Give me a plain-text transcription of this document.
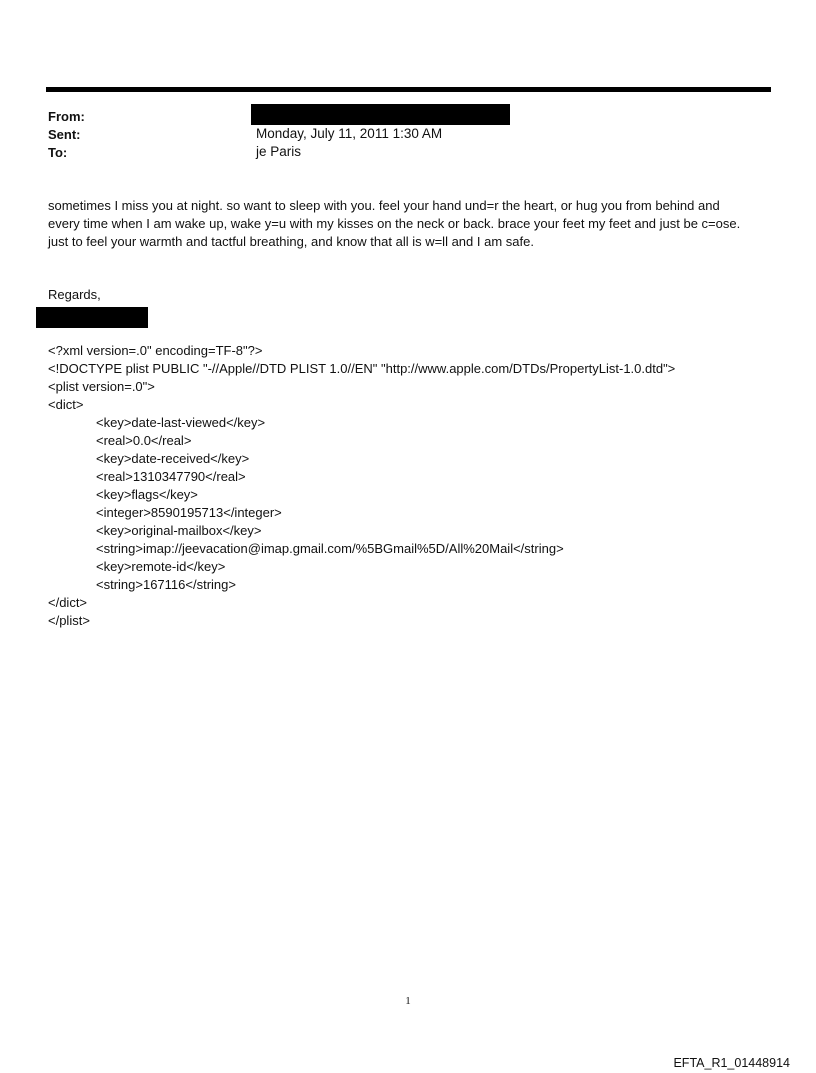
From:
Sent:	Monday, July 11, 2011 1:30 AM
To:	je Paris
sometimes I miss you at night. so want to sleep with you. feel your hand und=r the heart, or hug you from behind and
every time when I am wake up, wake y=u with my kisses on the neck or back. brace your feet my feet and just be c=ose.
just to feel your warmth and tactful breathing, and know that all is w=ll and I am safe.
Regards,
<?xml version=.0" encoding=TF-8"?>
<!DOCTYPE plist PUBLIC "-//Apple//DTD PLIST 1.0//EN" "http://www.apple.com/DTDs/PropertyList-1.0.dtd">
<plist version=.0">
<dict>
<key>date-last-viewed</key>
<real>0.0</real>
<key>date-received</key>
<real>1310347790</real>
<key>flags</key>
<integer>8590195713</integer>
<key>original-mailbox</key>
<string>imap://jeevacation@imap.gmail.com/%5BGmail%5D/All%20Mail</string>
<key>remote-id</key>
<string>167116</string>
</dict>
</plist>
1
EFTA_R1_01448914
